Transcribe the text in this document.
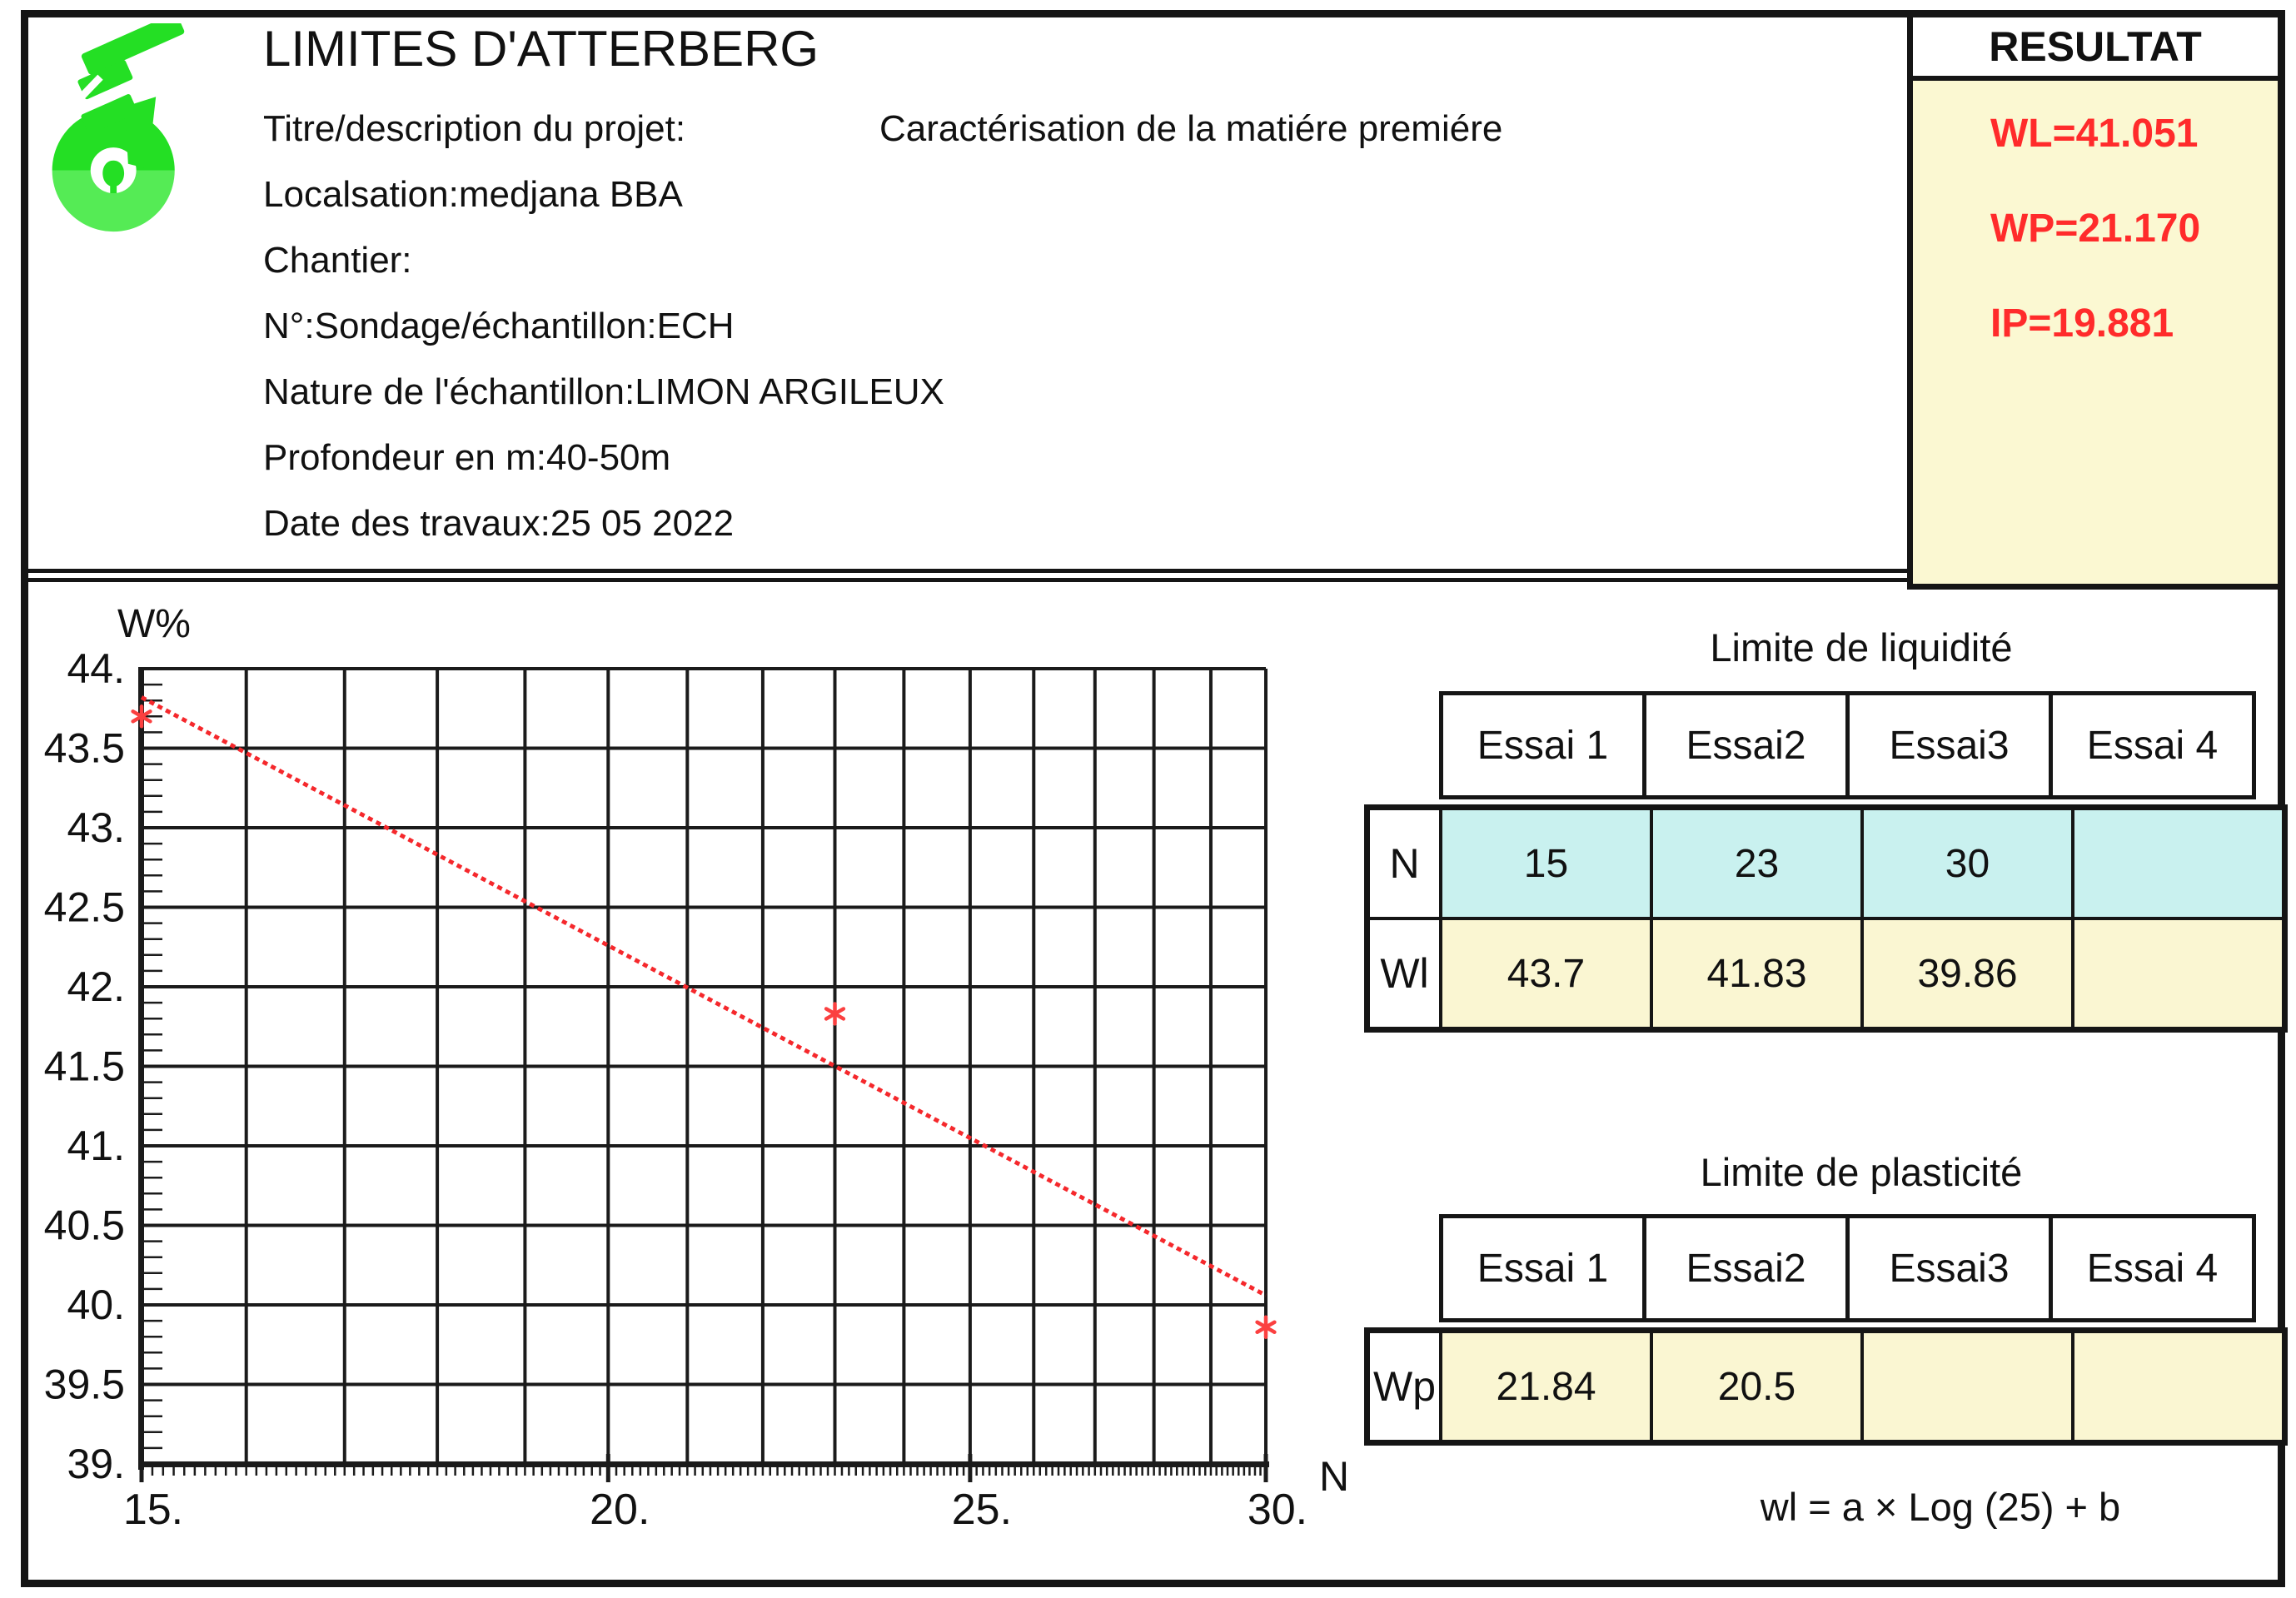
LIMITES D'ATTERBERG
Titre/description du projet:	Caractérisation de la matiére premiére
Localsation:medjana BBA
Chantier:
N°:Sondage/échantillon:ECH
Nature de l'échantillon:LIMON ARGILEUX
Profondeur en m:40-50m
Date des travaux:25 05 2022
RESULTAT
WL=41.051
WP=21.170
IP=19.881
44.
43.5
43.
42.5
42.
41.5
41.
40.5
40.
39.5
39.
15.	20.	25.	30.
W%
N
Limite de liquidité
Essai 1	Essai2	Essai3	Essai 4
N	15	23	30	
Wl	43.7	41.83	39.86	
Limite de plasticité
Essai 1	Essai2	Essai3	Essai 4
Wp	21.84	20.5		
wl = a × Log (25) + b
